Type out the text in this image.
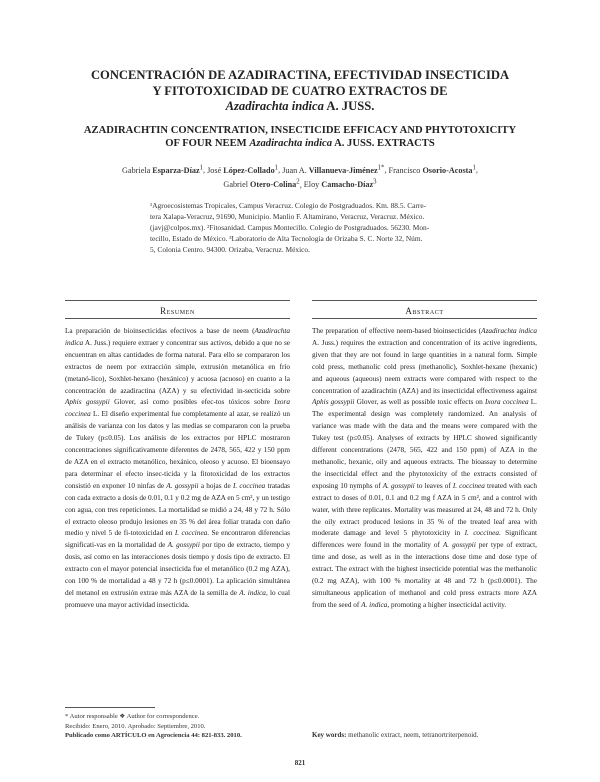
CONCENTRACIÓN DE AZADIRACTINA, EFECTIVIDAD INSECTICIDA
Y FITOTOXICIDAD DE CUATRO EXTRACTOS DE
Azadirachta indica A. JUSS.
AZADIRACHTIN CONCENTRATION, INSECTICIDE EFFICACY AND PHYTOTOXICITY
OF FOUR NEEM Azadirachta indica A. JUSS. EXTRACTS
Gabriela Esparza-Díaz$^1$, José López-Collado$^1$, Juan A. Villanueva-Jiménez$^{1*}$, Francisco Osorio-Acosta$^1$,
Gabriel Otero-Colina$^2$, Eloy Camacho-Díaz$^3$
¹Agroecosistemas Tropicales, Campus Veracruz. Colegio de Postgraduados. Km. 88.5. Carre-
tera Xalapa-Veracruz, 91690, Municipio. Manlio F. Altamirano, Veracruz, Veracruz. México.
(javj@colpos.mx). ²Fitosanidad. Campus Montecillo. Colegio de Postgraduados. 56230. Mon-
tecillo, Estado de México. ³Laboratorio de Alta Tecnología de Orizaba S. C. Norte 32, Núm.
5, Colonia Centro. 94300. Orizaba, Veracruz. México.
Resumen	Abstract
La preparación de bioinsecticidas efectivos a base de neem (Azadirachta indica A. Juss.) requiere extraer y concentrar sus activos, debido a que no se encuentran en altas cantidades de forma natural. Para ello se compararon los extractos de neem por extracción simple, extrusión metanólica en frío (metanó-lico), Soxhlet-hexano (hexánico) y acuosa (acuoso) en cuanto a la concentración de azadiractina (AZA) y su efectividad in-secticida sobre Aphis gossypii Glover, así como posibles efec-tos tóxicos sobre Ixora coccinea L. El diseño experimental fue completamente al azar, se realizó un análisis de varianza con los datos y las medias se compararon con la prueba de Tukey (p≤0.05). Los análisis de los extractos por HPLC mostraron concentraciones significativamente diferentes de 2478, 565, 422 y 150 ppm de AZA en el extracto metanólico, hexánico, oleoso y acuoso. El bioensayo para determinar el efecto insec-ticida y la fitotoxicidad de los extractos consistió en exponer 10 ninfas de A. gossypii a hojas de I. coccinea tratadas con cada extracto a dosis de 0.01, 0.1 y 0.2 mg de AZA en 5 cm², y un testigo con agua, con tres repeticiones. La mortalidad se midió a 24, 48 y 72 h. Sólo el extracto oleoso produjo lesiones en 35 % del área foliar tratada con daño medio y nivel 5 de fi-totoxicidad en I. coccinea. Se encontraron diferencias significati-vas en la mortalidad de A. gossypii por tipo de extracto, tiempo y dosis, así como en las interacciones dosis tiempo y dosis tipo de extracto. El extracto con el mayor potencial insecticida fue el metanólico (0.2 mg AZA), con 100 % de mortalidad a 48 y 72 h (p≤0.0001). La aplicación simultánea del metanol en extrusión extrae más AZA de la semilla de A. indica, lo cual promueve una mayor actividad insecticida.
The preparation of effective neem-based bioinsecticides (Azadirachta indica A. Juss.) requires the extraction and concentration of its active ingredients, given that they are not found in large quantities in a natural form. Simple cold press, methanolic cold press (methanolic), Soxhlet-hexane (hexanic) and aqueous (aqueous) neem extracts were compared with respect to the concentration of azadirachtin (AZA) and its insecticidal effectiveness against Aphis gossypii Glover, as well as possible toxic effects on Ixora coccinea L. The experimental design was completely randomized. An analysis of variance was made with the data and the means were compared with the Tukey test (p≤0.05). Analyses of extracts by HPLC showed significantly different concentrations (2478, 565, 422 and 150 ppm) of AZA in the methanolic, hexanic, oily and aqueous extracts. The bioassay to determine the insecticidal effect and the phytotoxicity of the extracts consisted of exposing 10 nymphs of A. gossypii to leaves of I. coccinea treated with each extract to doses of 0.01, 0.1 and 0.2 mg f AZA in 5 cm², and a control with water, with three replicates. Mortality was measured at 24, 48 and 72 h. Only the oily extract produced lesions in 35 % of the treated leaf area with moderate damage and level 5 phytotoxicity in I. coccinea. Significant differences were found in the mortality of A. gossypii per type of extract, time and dose, as well as in the interactions dose time and dose type of extract. The extract with the highest insecticide potential was the methanolic (0.2 mg AZA), with 100 % mortality at 48 and 72 h (p≤0.0001). The simultaneous application of methanol and cold press extracts more AZA from the seed of A. indica, promoting a higher insecticidal activity.
* Autor responsable ❖ Author for correspondence.
Recibido: Enero, 2010. Aprobado: Septiembre, 2010.
Publicado como ARTÍCULO en Agrociencia 44: 821-833. 2010.	Key words: methanolic extract, neem, tetranortriterpenoid.
821
